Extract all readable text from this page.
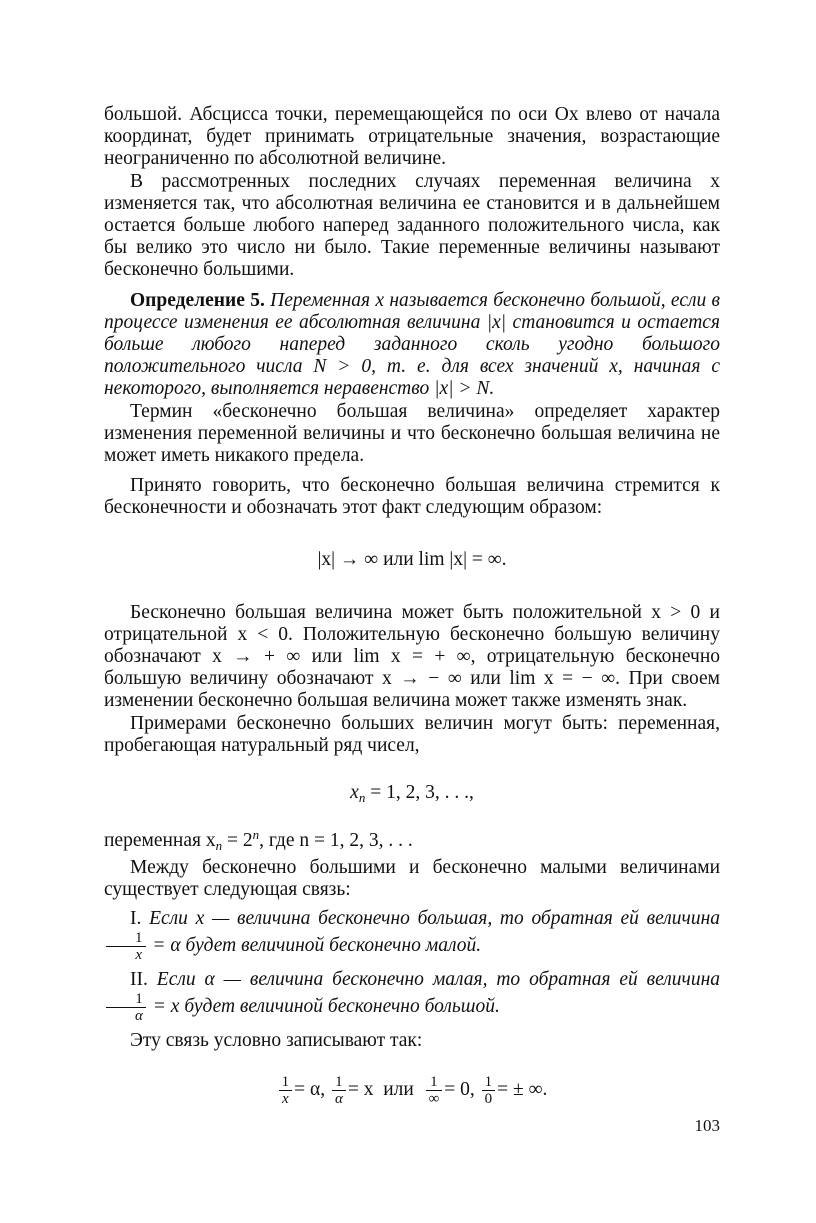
большой. Абсцисса точки, перемещающейся по оси Ox влево от начала координат, будет принимать отрицательные значения, возрастающие неограниченно по абсолютной величине.

В рассмотренных последних случаях переменная величина x изменяется так, что абсолютная величина ее становится и в дальнейшем остается больше любого наперед заданного положительного числа, как бы велико это число ни было. Такие переменные величины называют бесконечно большими.

Определение 5. Переменная x называется бесконечно большой, если в процессе изменения ее абсолютная величина |x| становится и остается больше любого наперед заданного сколь угодно большого положительного числа N > 0, т. е. для всех значений x, начиная с некоторого, выполняется неравенство |x| > N.

Термин «бесконечно большая величина» определяет характер изменения переменной величины и что бесконечно большая величина не может иметь никакого предела.

Принято говорить, что бесконечно большая величина стремится к бесконечности и обозначать этот факт следующим образом:

|x| → ∞ или lim |x| = ∞.

Бесконечно большая величина может быть положительной x > 0 и отрицательной x < 0. Положительную бесконечно большую величину обозначают x → + ∞ или lim x = + ∞, отрицательную бесконечно большую величину обозначают x → − ∞ или lim x = − ∞. При своем изменении бесконечно большая величина может также изменять знак.

Примерами бесконечно больших величин могут быть: переменная, пробегающая натуральный ряд чисел,

$x_n = 1$, 2, 3, . . .,

переменная $x_n = 2^n$, где n = 1, 2, 3, . . .

Между бесконечно большими и бесконечно малыми величинами существует следующая связь:

I. Если x — величина бесконечно большая, то обратная ей величина
$\frac{1}{x} = \alpha$ будет величиной бесконечно малой.

II. Если α — величина бесконечно малая, то обратная ей величина
$\frac{1}{\alpha} = x$ будет величиной бесконечно большой.

Эту связь условно записывают так:

$\frac{1}{x} = \alpha$, $\frac{1}{\alpha} = x$ или $\frac{1}{\infty} = 0$, $\frac{1}{0}$ = ± ∞.
103
